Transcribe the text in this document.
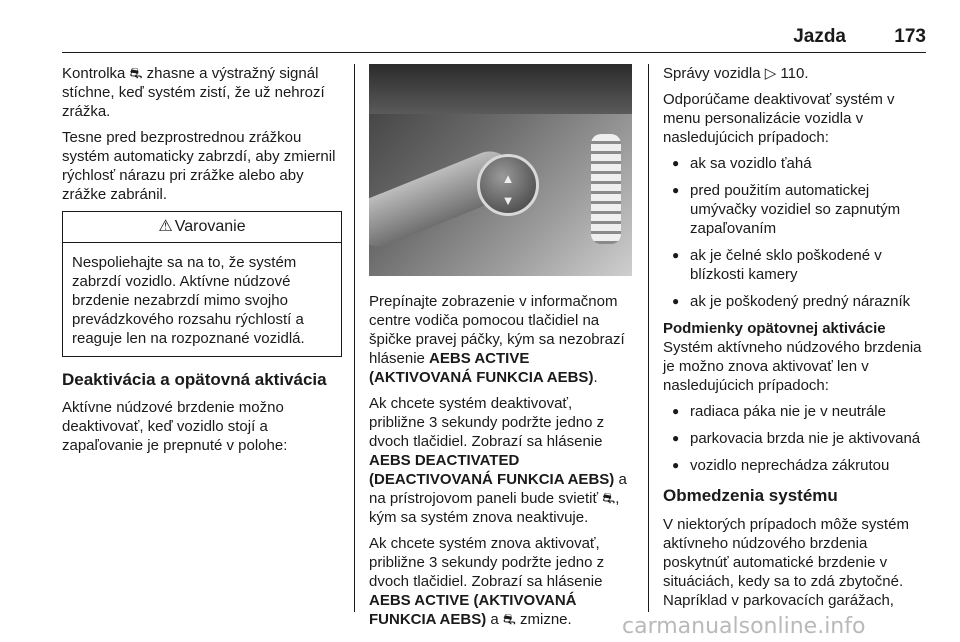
Jazda	173

Kontrolka ⛐ zhasne a výstražný signál stíchne, keď systém zistí, že už nehrozí zrážka.

Tesne pred bezprostrednou zrážkou systém automaticky zabrzdí, aby zmiernil rýchlosť nárazu pri zrážke alebo aby zrážke zabránil.

⚠ Varovanie
Nespoliehajte sa na to, že systém zabrzdí vozidlo. Aktívne núdzové brzdenie nezabrzdí mimo svojho prevádzkového rozsahu rýchlostí a reaguje len na rozpoznané vozidlá.
Deaktivácia a opätovná aktivácia

Aktívne núdzové brzdenie možno deaktivovať, keď vozidlo stojí a zapaľovanie je prepnuté v polohe:

▲
▼

Prepínajte zobrazenie v informačnom centre vodiča pomocou tlačidiel na špičke pravej páčky, kým sa nezobrazí hlásenie AEBS ACTIVE (AKTIVOVANÁ FUNKCIA AEBS).

Ak chcete systém deaktivovať, približne 3 sekundy podržte jedno z dvoch tlačidiel. Zobrazí sa hlásenie AEBS DEACTIVATED (DEACTIVOVANÁ FUNKCIA AEBS) a na prístrojovom paneli bude svietiť ⛐, kým sa systém znova neaktivuje.

Ak chcete systém znova aktivovať, približne 3 sekundy podržte jedno z dvoch tlačidiel. Zobrazí sa hlásenie AEBS ACTIVE (AKTIVOVANÁ FUNKCIA AEBS) a ⛐ zmizne.

Správy vozidla ▷ 110.

Odporúčame deaktivovať systém v menu personalizácie vozidla v nasledujúcich prípadoch:

● ak sa vozidlo ťahá
● pred použitím automatickej umývačky vozidiel so zapnutým zapaľovaním
● ak je čelné sklo poškodené v blízkosti kamery
● ak je poškodený predný nárazník
Podmienky opätovnej aktivácie

Systém aktívneho núdzového brzdenia je možno znova aktivovať len v nasledujúcich prípadoch:

● radiaca páka nie je v neutrále
● parkovacia brzda nie je aktivovaná
● vozidlo neprechádza zákrutou
Obmedzenia systému

V niektorých prípadoch môže systém aktívneho núdzového brzdenia poskytnúť automatické brzdenie v situáciách, kedy sa to zdá zbytočné. Napríklad v parkovacích garážach,

carmanualsonline.info
